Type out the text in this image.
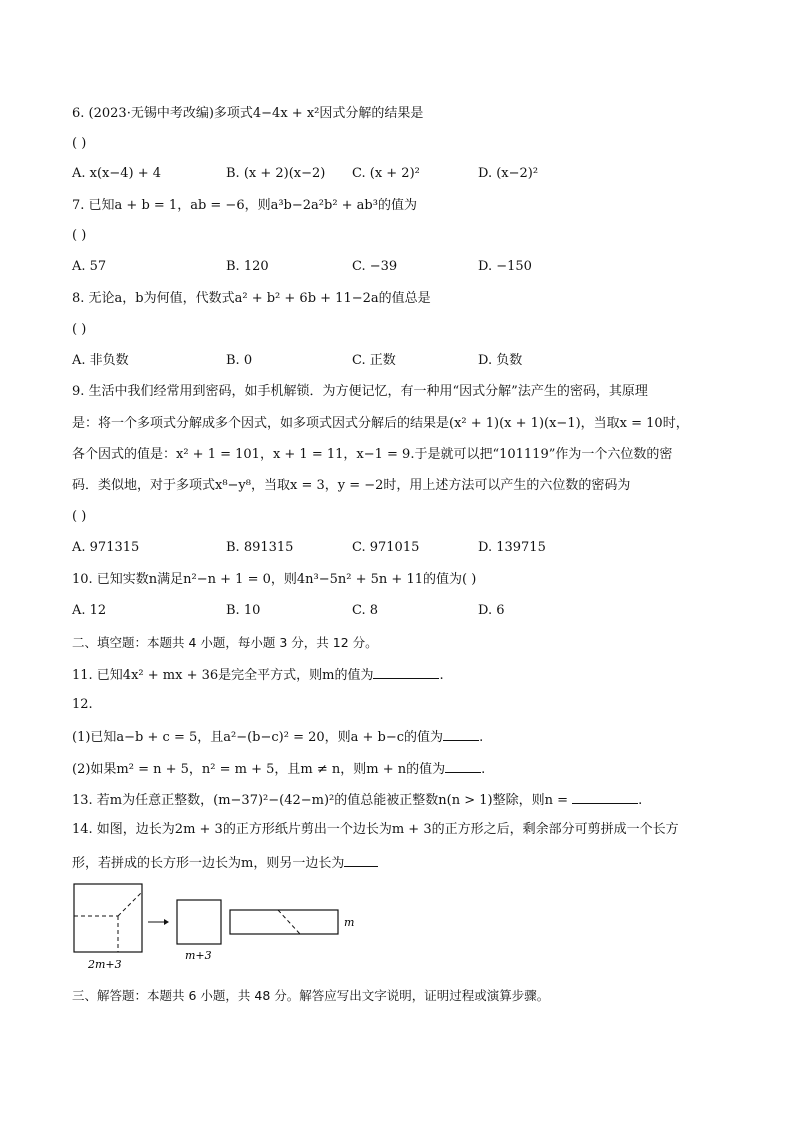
6. (2023·无锡中考改编)多项式4−4x + x²因式分解的结果是
( )
A. x(x−4) + 4	B. (x + 2)(x−2) C. (x + 2)²	D. (x−2)²
7. 已知a + b = 1，ab = −6，则a³b−2a²b² + ab³的值为
( )
A. 57	B. 120	C. −39	D. −150
8. 无论a，b为何值，代数式a² + b² + 6b + 11−2a的值总是
( )
A. 非负数	B. 0	C. 正数	D. 负数
9. 生活中我们经常用到密码，如手机解锁．为方便记忆，有一种用“因式分解”法产生的密码，其原理
是：将一个多项式分解成多个因式，如多项式因式分解后的结果是(x² + 1)(x + 1)(x−1)，当取x = 10时，
各个因式的值是：x² + 1 = 101，x + 1 = 11，x−1 = 9.于是就可以把“101119”作为一个六位数的密
码．类似地，对于多项式x⁸−y⁸，当取x = 3，y = −2时，用上述方法可以产生的六位数的密码为
( )
A. 971315	B. 891315	C. 971015	D. 139715
10. 已知实数n满足n²−n + 1 = 0，则4n³−5n² + 5n + 11的值为( )
A. 12	B. 10	C. 8	D. 6
二、填空题：本题共 4 小题，每小题 3 分，共 12 分。
11. 已知4x² + mx + 36是完全平方式，则m的值为	.
12.
(1)已知a−b + c = 5，且a²−(b−c)² = 20，则a + b−c的值为	.
(2)如果m² = n + 5，n² = m + 5，且m ≠ n，则m + n的值为	.
13. 若m为任意正整数，(m−37)²−(42−m)²的值总能被正整数n(n > 1)整除，则n =	.
14. 如图，边长为2m + 3的正方形纸片剪出一个边长为m + 3的正方形之后，剩余部分可剪拼成一个长方
形，若拼成的长方形一边长为m，则另一边长为
2m+3
m+3
m
三、解答题：本题共 6 小题，共 48 分。解答应写出文字说明，证明过程或演算步骤。
